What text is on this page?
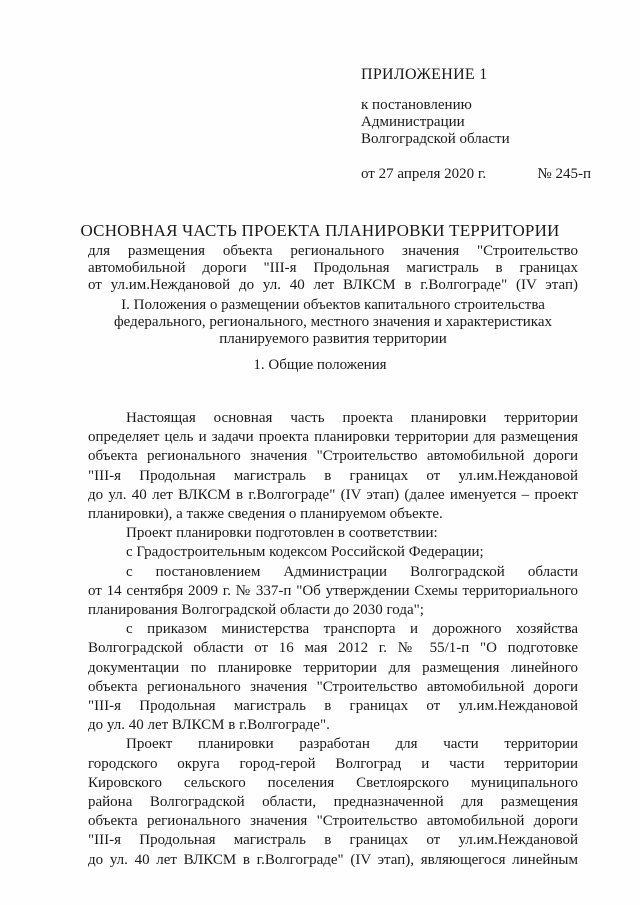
ПРИЛОЖЕНИЕ 1
к постановлению
Администрации
Волгоградской области
от 27 апреля 2020 г.	№ 245-п
ОСНОВНАЯ ЧАСТЬ ПРОЕКТА ПЛАНИРОВКИ ТЕРРИТОРИИ
для размещения объекта регионального значения "Строительство
автомобильной дороги "III-я Продольная магистраль в границах
от ул.им.Неждановой до ул. 40 лет ВЛКСМ в г.Волгограде" (IV этап)
I. Положения о размещении объектов капитального строительства
федерального, регионального, местного значения и характеристиках
планируемого развития территории
1. Общие положения
Настоящая основная часть проекта планировки территории
определяет цель и задачи проекта планировки территории для размещения
объекта регионального значения "Строительство автомобильной дороги
"III-я Продольная магистраль в границах от ул.им.Неждановой
до ул. 40 лет ВЛКСМ в г.Волгограде" (IV этап) (далее именуется – проект
планировки), а также сведения о планируемом объекте.
Проект планировки подготовлен в соответствии:
с Градостроительным кодексом Российской Федерации;
с постановлением Администрации Волгоградской области
от 14 сентября 2009 г. № 337-п "Об утверждении Схемы территориального
планирования Волгоградской области до 2030 года";
с приказом министерства транспорта и дорожного хозяйства
Волгоградской области от 16 мая 2012 г. № 55/1-п "О подготовке
документации по планировке территории для размещения линейного
объекта регионального значения "Строительство автомобильной дороги
"III-я Продольная магистраль в границах от ул.им.Неждановой
до ул. 40 лет ВЛКСМ в г.Волгограде".
Проект планировки разработан для части территории
городского округа город-герой Волгоград и части территории
Кировского сельского поселения Светлоярского муниципального
района Волгоградской области, предназначенной для размещения
объекта регионального значения "Строительство автомобильной дороги
"III-я Продольная магистраль в границах от ул.им.Неждановой
до ул. 40 лет ВЛКСМ в г.Волгограде" (IV этап), являющегося линейным
